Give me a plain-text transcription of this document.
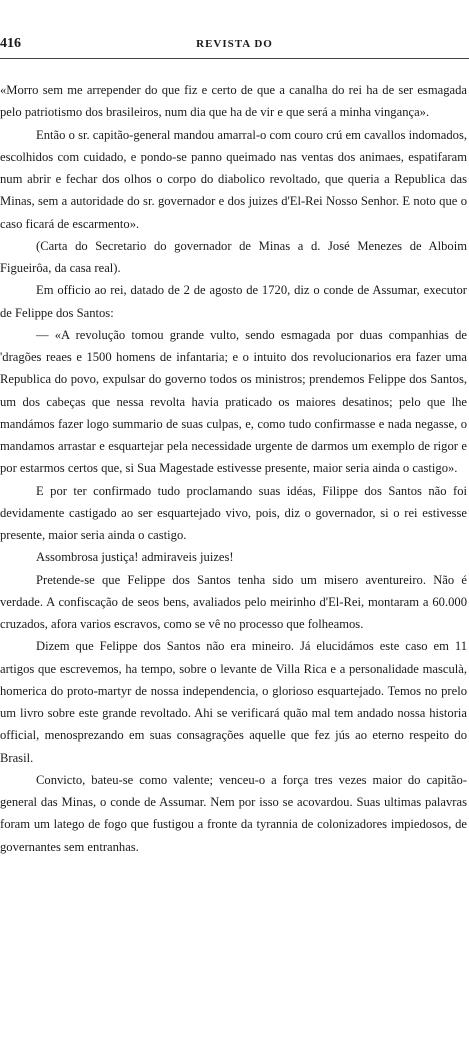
416	REVISTA DO

«Morro sem me arrepender do que fiz e certo de que a canalha do rei ha de ser esmagada pelo patriotismo dos brasileiros, num dia que ha de vir e que será a minha vingança».

Então o sr. capitão-general mandou amarral-o com couro crú em cavallos indomados, escolhidos com cuidado, e pondo-se panno queimado nas ventas dos animaes, espatifaram num abrir e fechar dos olhos o corpo do diabolico revoltado, que queria a Republica das Minas, sem a autoridade do sr. governador e dos juizes d'El-Rei Nosso Senhor. E noto que o caso ficará de escarmento».

(Carta do Secretario do governador de Minas a d. José Menezes de Alboim Figueirôa, da casa real).

Em officio ao rei, datado de 2 de agosto de 1720, diz o conde de Assumar, executor de Felippe dos Santos:

— «A revolução tomou grande vulto, sendo esmagada por duas companhias de 'dragões reaes e 1500 homens de infantaria; e o intuito dos revolucionarios era fazer uma Republica do povo, expulsar do governo todos os ministros; prendemos Felippe dos Santos, um dos cabeças que nessa revolta havia praticado os maiores desatinos; pelo que lhe mandámos fazer logo summario de suas culpas, e, como tudo confirmasse e nada negasse, o mandamos arrastar e esquartejar pela necessidade urgente de darmos um exemplo de rigor e por estarmos certos que, si Sua Magestade estivesse presente, maior seria ainda o castigo».

E por ter confirmado tudo proclamando suas idéas, Filippe dos Santos não foi devidamente castigado ao ser esquartejado vivo, pois, diz o governador, si o rei estivesse presente, maior seria ainda o castigo.

Assombrosa justiça! admiraveis juizes!

Pretende-se que Felippe dos Santos tenha sido um misero aventureiro. Não é verdade. A confiscação de seos bens, avaliados pelo meirinho d'El-Rei, montaram a 60.000 cruzados, afora varios escravos, como se vê no processo que folheamos.

Dizem que Felippe dos Santos não era mineiro. Já elucidámos este caso em 11 artigos que escrevemos, ha tempo, sobre o levante de Villa Rica e a personalidade masculà, homerica do proto-martyr de nossa independencia, o glorioso esquartejado. Temos no prelo um livro sobre este grande revoltado. Ahi se verificará quão mal tem andado nossa historia official, menosprezando em suas consagrações aquelle que fez jús ao eterno respeito do Brasil.

Convicto, bateu-se como valente; venceu-o a força tres vezes maior do capitão-general das Minas, o conde de Assumar. Nem por isso se acovardou. Suas ultimas palavras foram um latego de fogo que fustigou a fronte da tyrannia de colonizadores impiedosos, de governantes sem entranhas.
